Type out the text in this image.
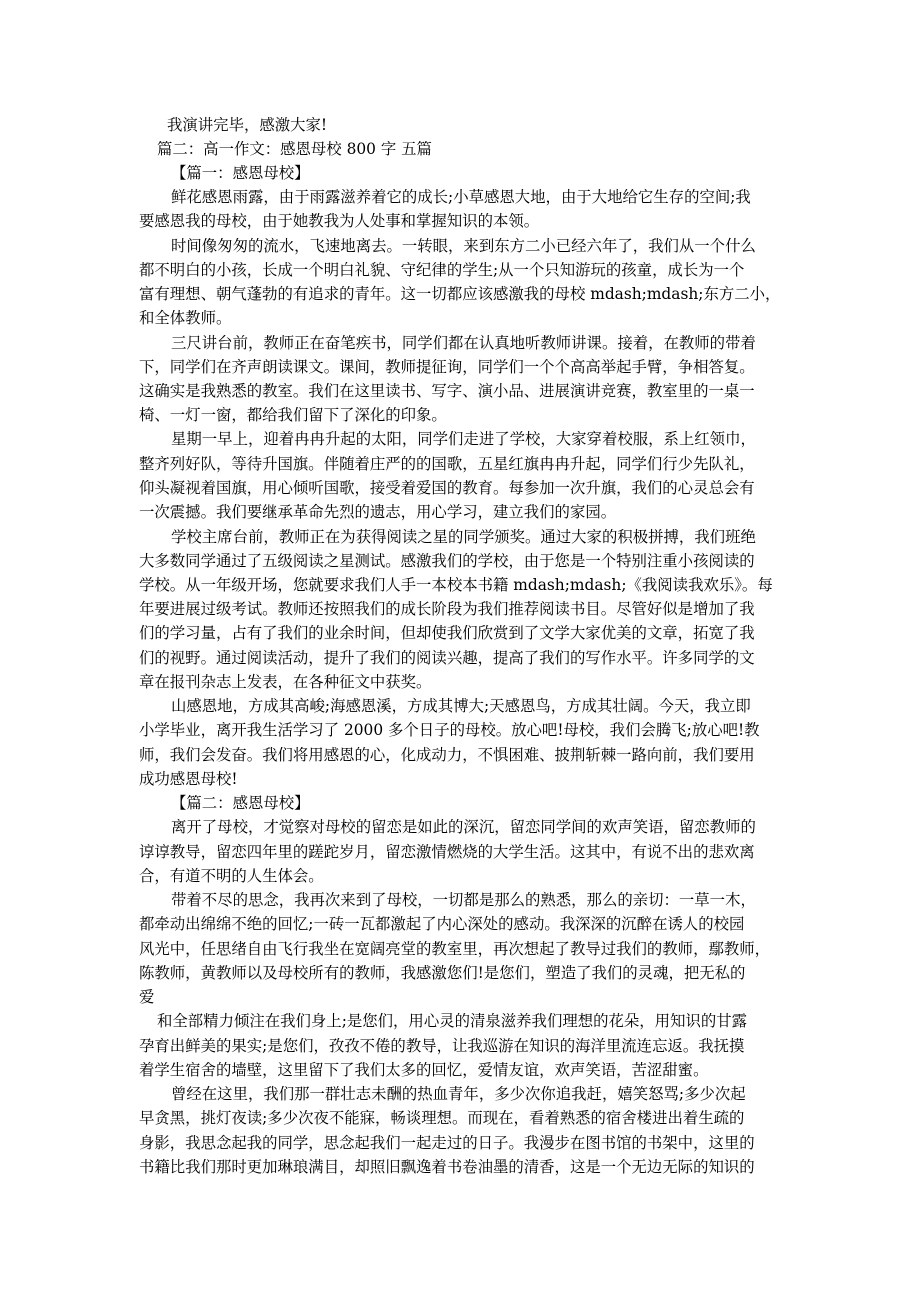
我演讲完毕，感激大家!
篇二：高一作文：感恩母校 800 字 五篇
【篇一：感恩母校】
鲜花感恩雨露，由于雨露滋养着它的成长;小草感恩大地，由于大地给它生存的空间;我
要感恩我的母校，由于她教我为人处事和掌握知识的本领。
时间像匆匆的流水，飞速地离去。一转眼，来到东方二小已经六年了，我们从一个什么
都不明白的小孩，长成一个明白礼貌、守纪律的学生;从一个只知游玩的孩童，成长为一个
富有理想、朝气蓬勃的有追求的青年。这一切都应该感激我的母校 mdash;mdash;东方二小，
和全体教师。
三尺讲台前，教师正在奋笔疾书，同学们都在认真地听教师讲课。接着，在教师的带着
下，同学们在齐声朗读课文。课间，教师提征询，同学们一个个高高举起手臂，争相答复。
这确实是我熟悉的教室。我们在这里读书、写字、演小品、进展演讲竞赛，教室里的一桌一
椅、一灯一窗，都给我们留下了深化的印象。
星期一早上，迎着冉冉升起的太阳，同学们走进了学校，大家穿着校服，系上红领巾，
整齐列好队，等待升国旗。伴随着庄严的的国歌，五星红旗冉冉升起，同学们行少先队礼，
仰头凝视着国旗，用心倾听国歌，接受着爱国的教育。每参加一次升旗，我们的心灵总会有
一次震撼。我们要继承革命先烈的遗志，用心学习，建立我们的家园。
学校主席台前，教师正在为获得阅读之星的同学颁奖。通过大家的积极拼搏，我们班绝
大多数同学通过了五级阅读之星测试。感激我们的学校，由于您是一个特别注重小孩阅读的
学校。从一年级开场，您就要求我们人手一本校本书籍 mdash;mdash;《我阅读我欢乐》。每
年要进展过级考试。教师还按照我们的成长阶段为我们推荐阅读书目。尽管好似是增加了我
们的学习量，占有了我们的业余时间，但却使我们欣赏到了文学大家优美的文章，拓宽了我
们的视野。通过阅读活动，提升了我们的阅读兴趣，提高了我们的写作水平。许多同学的文
章在报刊杂志上发表，在各种征文中获奖。
山感恩地，方成其高峻;海感恩溪，方成其博大;天感恩鸟，方成其壮阔。今天，我立即
小学毕业，离开我生活学习了 2000 多个日子的母校。放心吧!母校，我们会腾飞;放心吧!教
师，我们会发奋。我们将用感恩的心，化成动力，不惧困难、披荆斩棘一路向前，我们要用
成功感恩母校!
【篇二：感恩母校】
离开了母校，才觉察对母校的留恋是如此的深沉，留恋同学间的欢声笑语，留恋教师的
谆谆教导，留恋四年里的蹉跎岁月，留恋激情燃烧的大学生活。这其中，有说不出的悲欢离
合，有道不明的人生体会。
带着不尽的思念，我再次来到了母校，一切都是那么的熟悉，那么的亲切：一草一木，
都牵动出绵绵不绝的回忆;一砖一瓦都激起了内心深处的感动。我深深的沉醉在诱人的校园
风光中，任思绪自由飞行我坐在宽阔亮堂的教室里，再次想起了教导过我们的教师，鄢教师，
陈教师，黄教师以及母校所有的教师，我感激您们!是您们，塑造了我们的灵魂，把无私的
爱
和全部精力倾注在我们身上;是您们，用心灵的清泉滋养我们理想的花朵，用知识的甘露
孕育出鲜美的果实;是您们，孜孜不倦的教导，让我巡游在知识的海洋里流连忘返。我抚摸
着学生宿舍的墙壁，这里留下了我们太多的回忆，爱情友谊，欢声笑语，苦涩甜蜜。
曾经在这里，我们那一群壮志未酬的热血青年，多少次你追我赶，嬉笑怒骂;多少次起
早贪黑，挑灯夜读;多少次夜不能寐，畅谈理想。而现在，看着熟悉的宿舍楼进出着生疏的
身影，我思念起我的同学，思念起我们一起走过的日子。我漫步在图书馆的书架中，这里的
书籍比我们那时更加琳琅满目，却照旧飘逸着书卷油墨的清香，这是一个无边无际的知识的
